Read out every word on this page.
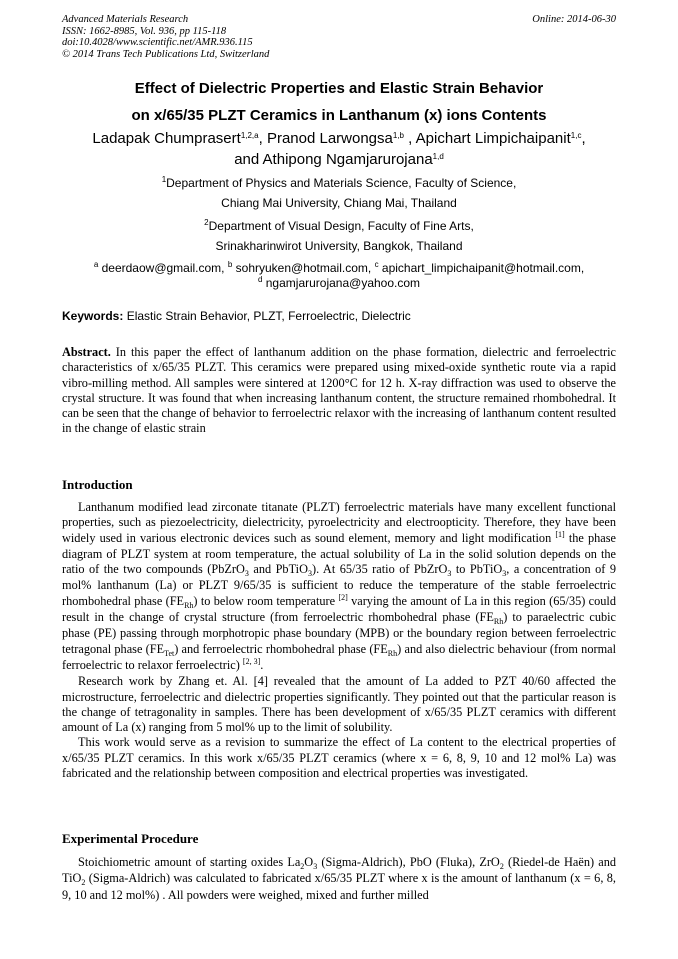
Advanced Materials Research
ISSN: 1662-8985, Vol. 936, pp 115-118
doi:10.4028/www.scientific.net/AMR.936.115
© 2014 Trans Tech Publications Ltd, Switzerland
Online: 2014-06-30
Effect of Dielectric Properties and Elastic Strain Behavior
on x/65/35 PLZT Ceramics in Lanthanum (x) ions Contents
Ladapak Chumprasert$^{1,2,a}$, Pranod Larwongsa$^{1,b}$ , Apichart Limpichaipanit$^{1,c}$,
and Athipong Ngamjarurojana$^{1,d}$
$^1$Department of Physics and Materials Science, Faculty of Science,
Chiang Mai University, Chiang Mai, Thailand
$^2$Department of Visual Design, Faculty of Fine Arts,
Srinakharinwirot University, Bangkok, Thailand
$^a$ deerdaow@gmail.com, $^b$ sohryuken@hotmail.com, $^c$ apichart_limpichaipanit@hotmail.com,
$^d$ ngamjarurojana@yahoo.com
Keywords: Elastic Strain Behavior, PLZT, Ferroelectric, Dielectric

Abstract. In this paper the effect of lanthanum addition on the phase formation, dielectric and ferroelectric characteristics of x/65/35 PLZT. This ceramics were prepared using mixed-oxide synthetic route via a rapid vibro-milling method. All samples were sintered at 1200°C for 12 h. X-ray diffraction was used to observe the crystal structure. It was found that when increasing lanthanum content, the structure remained rhombohedral. It can be seen that the change of behavior to ferroelectric relaxor with the increasing of lanthanum content resulted in the change of elastic strain

Introduction

Lanthanum modified lead zirconate titanate (PLZT) ferroelectric materials have many excellent functional properties, such as piezoelectricity, dielectricity, pyroelectricity and electroopticity. Therefore, they have been widely used in various electronic devices such as sound element, memory and light modification [1] the phase diagram of PLZT system at room temperature, the actual solubility of La in the solid solution depends on the ratio of the two compounds (PbZrO$_3$ and PbTiO$_3$). At 65/35 ratio of PbZrO$_3$ to PbTiO$_3$, a concentration of 9 mol% lanthanum (La) or PLZT 9/65/35 is sufficient to reduce the temperature of the stable ferroelectric rhombohedral phase $(FE_{Rh})$ to below room temperature [2] varying the amount of La in this region (65/35) could result in the change of crystal structure (from ferroelectric rhombohedral phase $(FE_{Rh})$ to paraelectric cubic phase (PE) passing through morphotropic phase boundary (MPB) or the boundary region between ferroelectric tetragonal phase $(FE_{Tet})$ and ferroelectric rhombohedral phase $(FE_{Rh})$ and also dielectric behaviour (from normal ferroelectric to relaxor ferroelectric) [2, 3].

Research work by Zhang et. Al. [4] revealed that the amount of La added to PZT 40/60 affected the microstructure, ferroelectric and dielectric properties significantly. They pointed out that the particular reason is the change of tetragonality in samples. There has been development of x/65/35 PLZT ceramics with different amount of La (x) ranging from 5 mol% up to the limit of solubility.

This work would serve as a revision to summarize the effect of La content to the electrical properties of x/65/35 PLZT ceramics. In this work x/65/35 PLZT ceramics (where x = 6, 8, 9, 10 and 12 mol% La) was fabricated and the relationship between composition and electrical properties was investigated.

Experimental Procedure

Stoichiometric amount of starting oxides $La_2O_3$ (Sigma-Aldrich), PbO (Fluka), ZrO$_2$ (Riedel-de Haën) and TiO$_2$ (Sigma-Aldrich) was calculated to fabricated x/65/35 PLZT where x is the amount of lanthanum (x = 6, 8, 9, 10 and 12 mol%) . All powders were weighed, mixed and further milled
